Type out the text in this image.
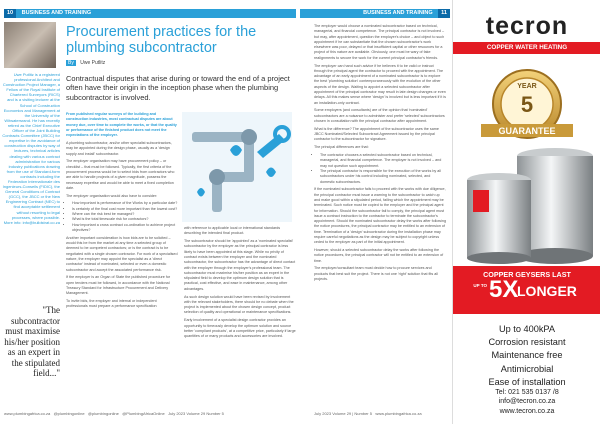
10 BUSINESS AND TRAINING
Uwe Putlitz is a registered professional Architect and Construction Project Manager, a Fellow of the Royal Institute of Chartered Surveyors (RICS) and is a visiting lecturer at the School of Construction Economics and Management at the University of the Witwatersrand. He has recently retired as the Chief Executive Officer of the Joint Building Contracts Committee (JBCC) for expertise in the avoidance of construction disputes by way of lectures, technical articles dealing with various contract administration for various industry publications drawing from the use of Standard-form contracts including the Federation Internationale des Ingenieurs-Conseils (FIDIC), the General Conditions of Contract (GCC), the JBCC or the New Engineering Contract (NEC) to find acceptable settlement without resorting to legal processes, where possible. More info: info@bulldstrat.co.za
"The subcontractor must maximise his/her position as an expert in the stipulated field..."
Procurement practices for the plumbing subcontractor
By Uwe Putlitz
Contractual disputes that arise during or toward the end of a project often have their origin in the inception phase when the plumbing subcontractor is involved.

From published regular surveys of the building and construction industries, most contractual disputes are about money due, over time to complete the works, or that the quality or performance of the finished product does not meet the expectations of the employer.

A plumbing subcontractor, and/or other specialist subcontractors, may be appointed during the design phase, usually as a 'design supply and install' subcontractor.

The employer organisation may have procurement policy – or checklist – that must be followed. Typically, the first criteria of the procurement process would be to select bids from contractors who are able to handle projects of a given magnitude, possess the necessary expertise and would be able to meet a fixed completion date.

The employer organisation would also have to consider:

• How important is performance of the Works by a particular date?
• Is certainty of the final cost more important than the lowest cost?
• Where can the risk best be managed?
• What is the total timescale risk for contractors?
• How important a cross contract co-ordination to achieve project objectives?

Another important consideration is how bids are to be solicited – would this be from the market at any time a selected group of deemed to be competent contractors; or is the contract is to be negotiated with a single chosen contractor. For work of a specialised nature, the employer may appoint the specialist as a 'direct contractor' instead of nominated, selected or even a domestic subcontractor and accept the associated performance risk.

If the employer is an Organ of State the published procedure for open tenders must be followed, in accordance with the National Treasury Standard for Infrastructure Procurement and Delivery Management.

To invite bids, the employer and internal or independent professionals must prepare a performance specification

with reference to applicable local or international standards describing the intended final product.

The subcontractor should be 'appointed' as a 'nominated specialist' subcontractor by the employer as the principal contractor is less likely to have been appointed at this stage. While no privity of contract exists between the employer and the nominated subcontractor, the subcontractor has the advantage of direct contact with the employer through the employer's professional team. The subcontractor must maximise his/her position as an expert in the stipulated field to develop the optimum design solution that is practical, cost effective, and ease in maintenance, among other advantages.

As such design solution would have been revised by involvement with the relevant stakeholders, there should be no debate when the project is implemented about the chosen design concept, product selection of quality and operational or maintenance specifications.

Early involvement of a specialist design contractor provides an opportunity to timeously develop the optimum solution and source better 'compliant products', at a competitive price, particularly if large quantities of or many products and accessories are involved.

www.plumbingafrica.co.za @plumbingonline @plumbingonline @PlumbingAfricaOnline July 2023 Volume 29 Number 5
BUSINESS AND TRAINING 11

The employer would choose a nominated subcontractor based on technical, managerial, and financial competence. The principal contractor is not involved – but may, after appointment, question the employer's choice – and object to such appointment if he can substantiate that the chosen subcontractor's work elsewhere was poor, delayed or that insufficient capital or other resources for a project of this nature are available. Obviously, one must be wary of fake realignments to secure the work for the current principal contractor's friends.

The employer can hand such advice if he believes it to be valid or instruct through the principal agent the contractor to proceed with the appointment. The advantage of an early appointment of a nominated subcontractor is to explore the best 'plumbing solution' contemporaneously with the evolution of the other aspects of the design. Waiting to appoint a selected subcontractor after appointment of the principal contractor may result in late design changes or even delays. All this makes sense where 'design' is involved but is less important if it is an installation-only contract.

Some employers (and consultants) are of the opinion that 'nominated' subcontractors are a nuisance to administer and prefer 'selected' subcontractors chosen in consultation with the principal contractor after appointment.

What is the difference? The appointment of the subcontractor uses the same JBCC Nominated/Selected Subcontract Agreement issued by the principal contractor to the subcontractor for signature.

The principal differences are that:

• The contractor chooses a selected subcontractor based on technical, managerial, and financial competence. The employer is not involved – and may not question such appointment.
• The principal contractor is responsible for the execution of the works by all subcontractors under his control including nominated, selected, and domestic subcontractors.

If the nominated subcontractor fails to proceed with the works with due diligence, the principal contractor must issue a warning to the subcontractor to catch up and make good within a stipulated period, failing which the appointment may be terminated. Such notice must be copied to the employer and the principal agent for information. Should the subcontractor fail to comply, the principal agent must issue a contract instruction to the contractor to terminate the subcontractor's appointment. Should the nominated subcontractor delay the works after following the notice procedures, the principal contractor may be entitled to an extension of time. Termination of a 'design' subcontractor during the installation phase may require careful negotiations as the design may be subject to copyright unless ceded to the employer as part of the initial appointment.

However, should a selected subcontractor delay the works after following the notice procedures, the principal contractor will not be entitled to an extension of time.

The employer/consultant team must decide how to procure services and products that best suit the project. There is not one 'right' solution that fits all projects.

July 2023 Volume 29 | Number 5 www.plumbingafrica.co.za
tecron
COPPER WATER HEATING
YEAR
5
GUARANTEE
COPPER GEYSERS LAST
UP TO 5X
LONGER
Up to 400kPA
Corrosion resistant
Maintenance free
Antimicrobial
Ease of installation
Tel: 021 535 0137 /8
info@tecron.co.za
www.tecron.co.za
